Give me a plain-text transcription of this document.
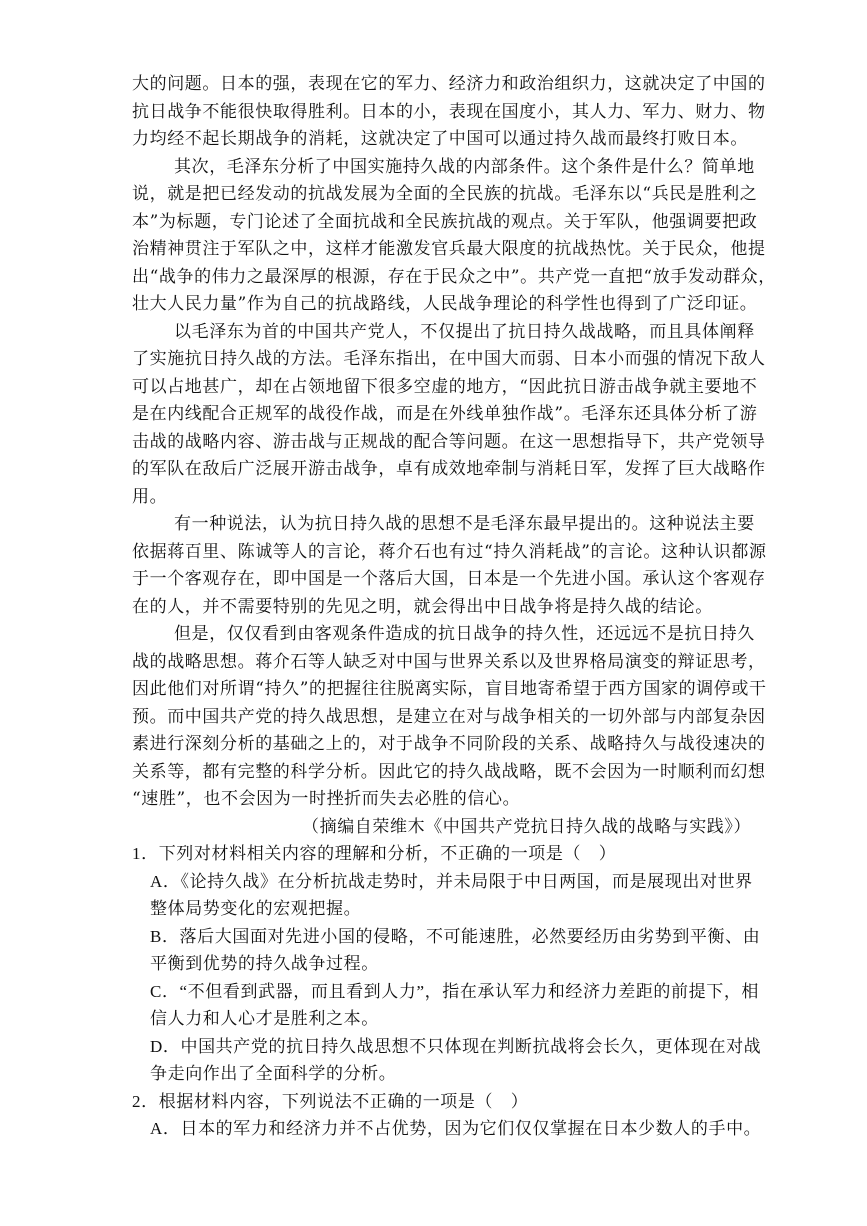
大的问题。日本的强，表现在它的军力、经济力和政治组织力，这就决定了中国的
抗日战争不能很快取得胜利。日本的小，表现在国度小，其人力、军力、财力、物
力均经不起长期战争的消耗，这就决定了中国可以通过持久战而最终打败日本。
其次，毛泽东分析了中国实施持久战的内部条件。这个条件是什么？简单地
说，就是把已经发动的抗战发展为全面的全民族的抗战。毛泽东以“兵民是胜利之
本”为标题，专门论述了全面抗战和全民族抗战的观点。关于军队，他强调要把政
治精神贯注于军队之中，这样才能激发官兵最大限度的抗战热忱。关于民众，他提
出“战争的伟力之最深厚的根源，存在于民众之中”。共产党一直把“放手发动群众，
壮大人民力量”作为自己的抗战路线，人民战争理论的科学性也得到了广泛印证。
以毛泽东为首的中国共产党人，不仅提出了抗日持久战战略，而且具体阐释
了实施抗日持久战的方法。毛泽东指出，在中国大而弱、日本小而强的情况下敌人
可以占地甚广，却在占领地留下很多空虚的地方，“因此抗日游击战争就主要地不
是在内线配合正规军的战役作战，而是在外线单独作战”。毛泽东还具体分析了游
击战的战略内容、游击战与正规战的配合等问题。在这一思想指导下，共产党领导
的军队在敌后广泛展开游击战争，卓有成效地牵制与消耗日军，发挥了巨大战略作
用。
有一种说法，认为抗日持久战的思想不是毛泽东最早提出的。这种说法主要
依据蒋百里、陈诚等人的言论，蒋介石也有过“持久消耗战”的言论。这种认识都源
于一个客观存在，即中国是一个落后大国，日本是一个先进小国。承认这个客观存
在的人，并不需要特别的先见之明，就会得出中日战争将是持久战的结论。
但是，仅仅看到由客观条件造成的抗日战争的持久性，还远远不是抗日持久
战的战略思想。蒋介石等人缺乏对中国与世界关系以及世界格局演变的辩证思考，
因此他们对所谓“持久”的把握往往脱离实际，盲目地寄希望于西方国家的调停或干
预。而中国共产党的持久战思想，是建立在对与战争相关的一切外部与内部复杂因
素进行深刻分析的基础之上的，对于战争不同阶段的关系、战略持久与战役速决的
关系等，都有完整的科学分析。因此它的持久战战略，既不会因为一时顺利而幻想
“速胜”，也不会因为一时挫折而失去必胜的信心。
（摘编自荣维木《中国共产党抗日持久战的战略与实践》）
1．下列对材料相关内容的理解和分析，不正确的一项是（　）
A．《论持久战》在分析抗战走势时，并未局限于中日两国，而是展现出对世界
整体局势变化的宏观把握。
B．落后大国面对先进小国的侵略，不可能速胜，必然要经历由劣势到平衡、由
平衡到优势的持久战争过程。
C．“不但看到武器，而且看到人力”，指在承认军力和经济力差距的前提下，相
信人力和人心才是胜利之本。
D．中国共产党的抗日持久战思想不只体现在判断抗战将会长久，更体现在对战
争走向作出了全面科学的分析。
2．根据材料内容，下列说法不正确的一项是（　）
A．日本的军力和经济力并不占优势，因为它们仅仅掌握在日本少数人的手中。
